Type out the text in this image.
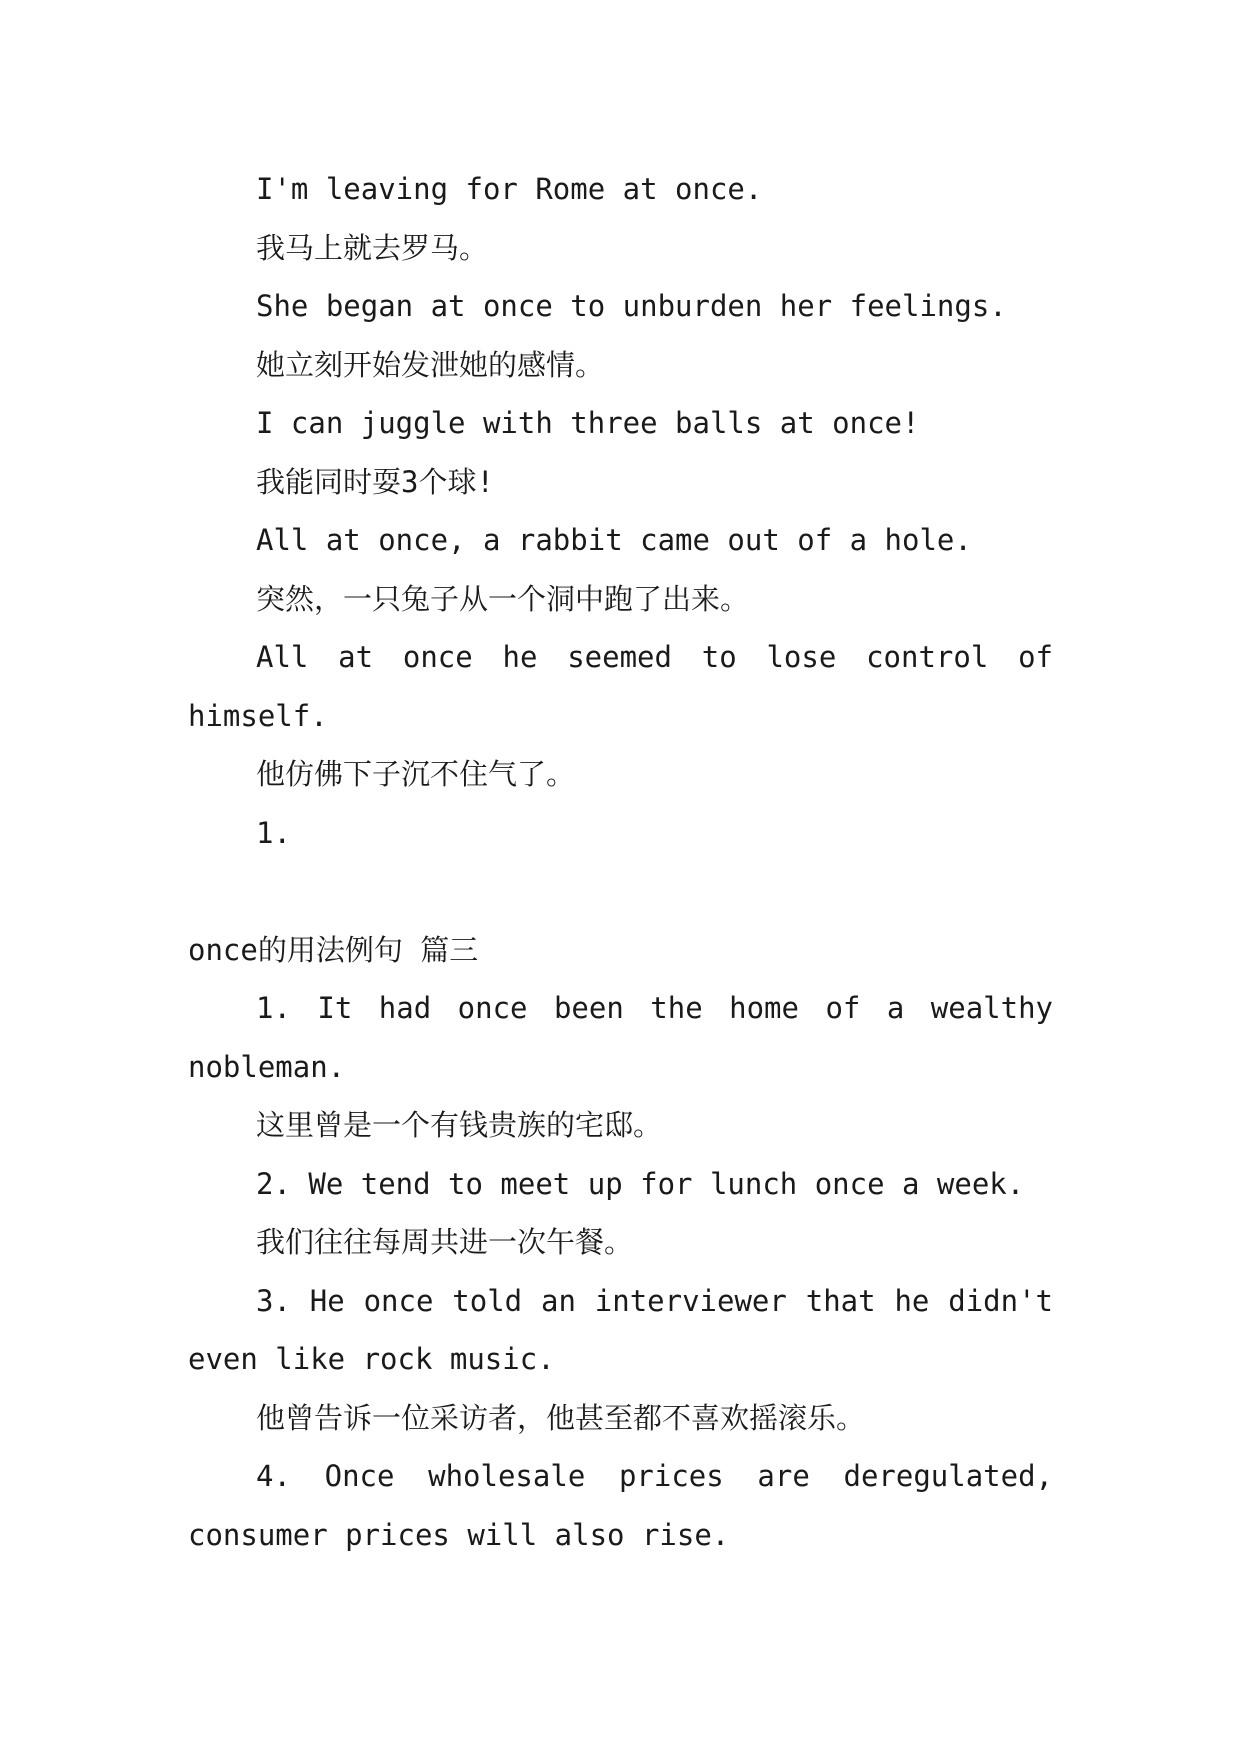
I'm leaving for Rome at once.

我马上就去罗马。

She began at once to unburden her feelings.

她立刻开始发泄她的感情。

I can juggle with three balls at once!

我能同时耍3个球!

All at once, a rabbit came out of a hole.

突然，一只兔子从一个洞中跑了出来。

All at once he seemed to lose control of himself.

他仿佛下子沉不住气了。

1.

once的用法例句 篇三

1. It had once been the home of a wealthy nobleman.

这里曾是一个有钱贵族的宅邸。

2. We tend to meet up for lunch once a week.

我们往往每周共进一次午餐。

3. He once told an interviewer that he didn't even like rock music.

他曾告诉一位采访者，他甚至都不喜欢摇滚乐。

4. Once wholesale prices are deregulated, consumer prices will also rise.
